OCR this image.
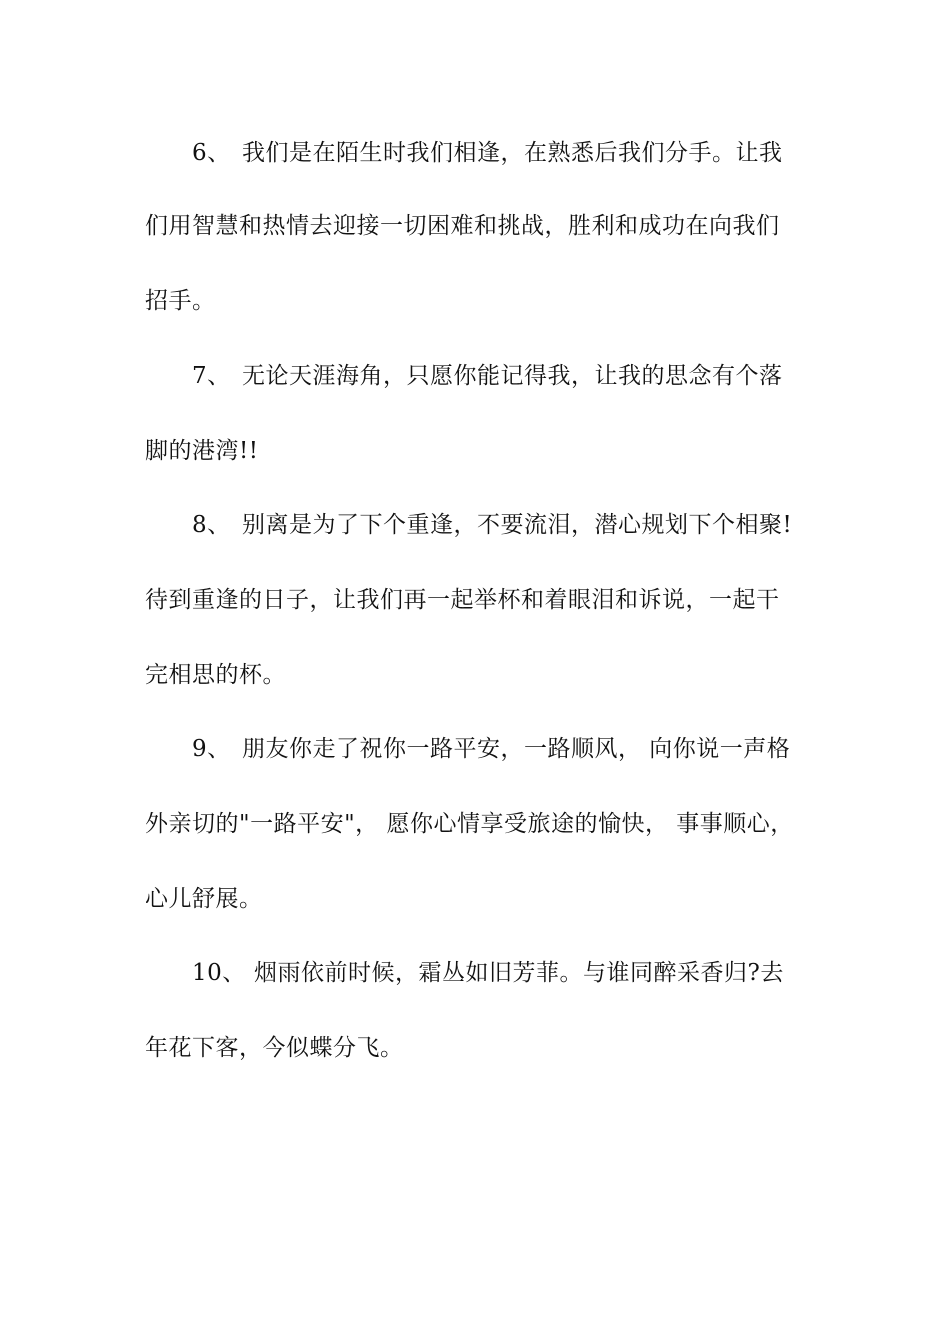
6、 我们是在陌生时我们相逢，在熟悉后我们分手。让我
们用智慧和热情去迎接一切困难和挑战，胜利和成功在向我们
招手。
7、 无论天涯海角，只愿你能记得我，让我的思念有个落
脚的港湾!!
8、 别离是为了下个重逢，不要流泪，潜心规划下个相聚!
待到重逢的日子，让我们再一起举杯和着眼泪和诉说，一起干
完相思的杯。
9、 朋友你走了祝你一路平安，一路顺风， 向你说一声格
外亲切的"一路平安"， 愿你心情享受旅途的愉快， 事事顺心，
心儿舒展。
10、 烟雨依前时候，霜丛如旧芳菲。与谁同醉采香归?去
年花下客，今似蝶分飞。
